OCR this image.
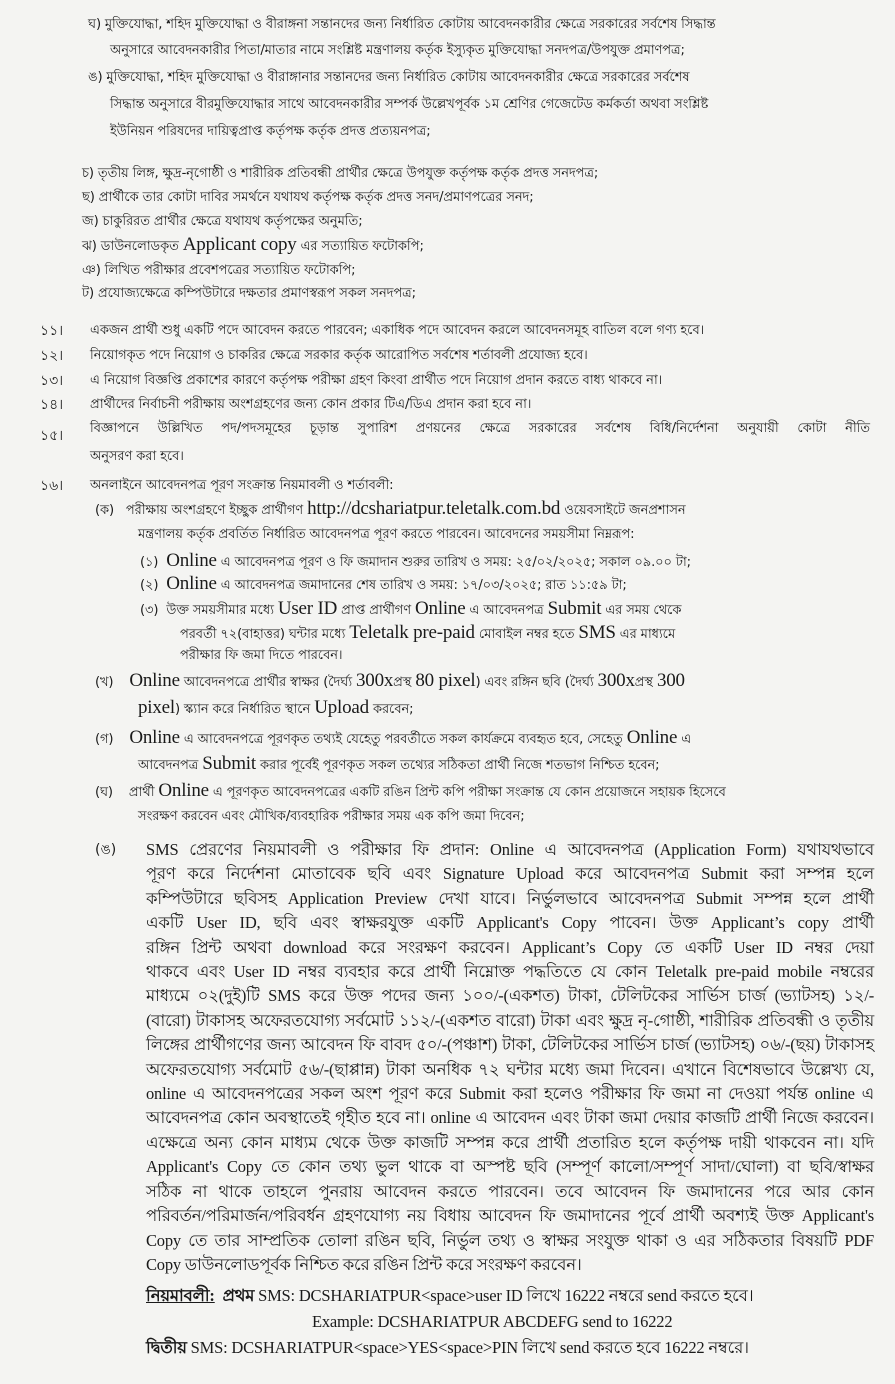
ঘ) মুক্তিযোদ্ধা, শহিদ মুক্তিযোদ্ধা ও বীরাঙ্গনা সন্তানদের জন্য নির্ধারিত কোটায় আবেদনকারীর ক্ষেত্রে সরকারের সর্বশেষ সিদ্ধান্ত
অনুসারে আবেদনকারীর পিতা/মাতার নামে সংশ্লিষ্ট মন্ত্রণালয় কর্তৃক ইস্যুকৃত মুক্তিযোদ্ধা সনদপত্র/উপযুক্ত প্রমাণপত্র;
ঙ) মুক্তিযোদ্ধা, শহিদ মুক্তিযোদ্ধা ও বীরাঙ্গানার সন্তানদের জন্য নির্ধারিত কোটায় আবেদনকারীর ক্ষেত্রে সরকারের সর্বশেষ
সিদ্ধান্ত অনুসারে বীরমুক্তিযোদ্ধার সাথে আবেদনকারীর সম্পর্ক উল্লেখপূর্বক ১ম শ্রেণির গেজেটেড কর্মকর্তা অথবা সংশ্লিষ্ট
ইউনিয়ন পরিষদের দায়িত্বপ্রাপ্ত কর্তৃপক্ষ কর্তৃক প্রদত্ত প্রত্যয়নপত্র;
চ) তৃতীয় লিঙ্গ, ক্ষুদ্র-নৃগোষ্ঠী ও শারীরিক প্রতিবন্ধী প্রার্থীর ক্ষেত্রে উপযুক্ত কর্তৃপক্ষ কর্তৃক প্রদত্ত সনদপত্র;
ছ) প্রার্থীকে তার কোটা দাবির সমর্থনে যথাযথ কর্তৃপক্ষ কর্তৃক প্রদত্ত সনদ/প্রমাণপত্রের সনদ;
জ) চাকুরিরত প্রার্থীর ক্ষেত্রে যথাযথ কর্তৃপক্ষের অনুমতি;
ঝ) ডাউনলোডকৃত Applicant copy এর সত্যায়িত ফটোকপি;
ঞ) লিখিত পরীক্ষার প্রবেশপত্রের সত্যায়িত ফটোকপি;
ট) প্রযোজ্যক্ষেত্রে কম্পিউটারে দক্ষতার প্রমাণস্বরূপ সকল সনদপত্র;
১১। একজন প্রার্থী শুধু একটি পদে আবেদন করতে পারবেন; একাধিক পদে আবেদন করলে আবেদনসমূহ বাতিল বলে গণ্য হবে।
১২। নিয়োগকৃত পদে নিয়োগ ও চাকরির ক্ষেত্রে সরকার কর্তৃক আরোপিত সর্বশেষ শর্তাবলী প্রযোজ্য হবে।
১৩। এ নিয়োগ বিজ্ঞপ্তি প্রকাশের কারণে কর্তৃপক্ষ পরীক্ষা গ্রহণ কিংবা প্রার্থীত পদে নিয়োগ প্রদান করতে বাধ্য থাকবে না।
১৪। প্রার্থীদের নির্বাচনী পরীক্ষায় অংশগ্রহণের জন্য কোন প্রকার টিএ/ডিএ প্রদান করা হবে না।
১৫। বিজ্ঞাপনে উল্লিখিত পদ/পদসমূহের চূড়ান্ত সুপারিশ প্রণয়নের ক্ষেত্রে সরকারের সর্বশেষ বিধি/নির্দেশনা অনুযায়ী কোটা নীতি
অনুসরণ করা হবে।
১৬। অনলাইনে আবেদনপত্র পূরণ সংক্রান্ত নিয়মাবলী ও শর্তাবলী:
(ক) পরীক্ষায় অংশগ্রহণে ইচ্ছুক প্রার্থীগণ http://dcshariatpur.teletalk.com.bd ওয়েবসাইটে জনপ্রশাসন
মন্ত্রণালয় কর্তৃক প্রবর্তিত নির্ধারিত আবেদনপত্র পূরণ করতে পারবেন। আবেদনের সময়সীমা নিম্নরূপ:
(১) Online এ আবেদনপত্র পূরণ ও ফি জমাদান শুরুর তারিখ ও সময়: ২৫/০২/২০২৫; সকাল ০৯.০০ টা;
(২) Online এ আবেদনপত্র জমাদানের শেষ তারিখ ও সময়: ১৭/০৩/২০২৫; রাত ১১:৫৯ টা;
(৩) উক্ত সময়সীমার মধ্যে User ID প্রাপ্ত প্রার্থীগণ Online এ আবেদনপত্র Submit এর সময় থেকে
পরবর্তী ৭২(বাহাত্তর) ঘন্টার মধ্যে Teletalk pre-paid মোবাইল নম্বর হতে SMS এর মাধ্যমে
পরীক্ষার ফি জমা দিতে পারবেন।
(খ) Online আবেদনপত্রে প্রার্থীর স্বাক্ষর (দৈর্ঘ্য 300xপ্রস্থ 80 pixel) এবং রঙ্গিন ছবি (দৈর্ঘ্য 300xপ্রস্থ 300
pixel) স্ক্যান করে নির্ধারিত স্থানে Upload করবেন;
(গ) Online এ আবেদনপত্রে পূরণকৃত তথ্যই যেহেতু পরবর্তীতে সকল কার্যক্রমে ব্যবহৃত হবে, সেহেতু Online এ
আবেদনপত্র Submit করার পূর্বেই পূরণকৃত সকল তথ্যের সঠিকতা প্রার্থী নিজে শতভাগ নিশ্চিত হবেন;
(ঘ) প্রার্থী Online এ পূরণকৃত আবেদনপত্রের একটি রঙিন প্রিন্ট কপি পরীক্ষা সংক্রান্ত যে কোন প্রয়োজনে সহায়ক হিসেবে
সংরক্ষণ করবেন এবং মৌখিক/ব্যবহারিক পরীক্ষার সময় এক কপি জমা দিবেন;
(ঙ) SMS প্রেরণের নিয়মাবলী ও পরীক্ষার ফি প্রদান: Online এ আবেদনপত্র (Application Form) যথাযথভাবে
পূরণ করে নির্দেশনা মোতাবেক ছবি এবং Signature Upload করে আবেদনপত্র Submit করা সম্পন্ন হলে
কম্পিউটারে ছবিসহ Application Preview দেখা যাবে। নির্ভুলভাবে আবেদনপত্র Submit সম্পন্ন হলে প্রার্থী
একটি User ID, ছবি এবং স্বাক্ষরযুক্ত একটি Applicant's Copy পাবেন। উক্ত Applicant’s copy প্রার্থী
রঙ্গিন প্রিন্ট অথবা download করে সংরক্ষণ করবেন। Applicant’s Copy তে একটি User ID নম্বর দেয়া
থাকবে এবং User ID নম্বর ব্যবহার করে প্রার্থী নিম্নোক্ত পদ্ধতিতে যে কোন Teletalk pre-paid mobile নম্বরের
মাধ্যমে ০২(দুই)টি SMS করে উক্ত পদের জন্য ১০০/-(একশত) টাকা, টেলিটকের সার্ভিস চার্জ (ভ্যাটসহ) ১২/-
(বারো) টাকাসহ অফেরতযোগ্য সর্বমোট ১১২/-(একশত বারো) টাকা এবং ক্ষুদ্র নৃ-গোষ্ঠী, শারীরিক প্রতিবন্ধী ও তৃতীয়
লিঙ্গের প্রার্থীগণের জন্য আবেদন ফি বাবদ ৫০/-(পঞ্চাশ) টাকা, টেলিটকের সার্ভিস চার্জ (ভ্যাটসহ) ০৬/-(ছয়) টাকাসহ
অফেরতযোগ্য সর্বমোট ৫৬/-(ছাপ্পান্ন) টাকা অনধিক ৭২ ঘন্টার মধ্যে জমা দিবেন। এখানে বিশেষভাবে উল্লেখ্য যে,
online এ আবেদনপত্রের সকল অংশ পূরণ করে Submit করা হলেও পরীক্ষার ফি জমা না দেওয়া পর্যন্ত online এ
আবেদনপত্র কোন অবস্থাতেই গৃহীত হবে না। online এ আবেদন এবং টাকা জমা দেয়ার কাজটি প্রার্থী নিজে করবেন।
এক্ষেত্রে অন্য কোন মাধ্যম থেকে উক্ত কাজটি সম্পন্ন করে প্রার্থী প্রতারিত হলে কর্তৃপক্ষ দায়ী থাকবেন না। যদি
Applicant's Copy তে কোন তথ্য ভুল থাকে বা অস্পষ্ট ছবি (সম্পূর্ণ কালো/সম্পূর্ণ সাদা/ঘোলা) বা ছবি/স্বাক্ষর
সঠিক না থাকে তাহলে পুনরায় আবেদন করতে পারবেন। তবে আবেদন ফি জমাদানের পরে আর কোন
পরিবর্তন/পরিমার্জন/পরিবর্ধন গ্রহণযোগ্য নয় বিধায় আবেদন ফি জমাদানের পূর্বে প্রার্থী অবশ্যই উক্ত Applicant's
Copy তে তার সাম্প্রতিক তোলা রঙিন ছবি, নির্ভুল তথ্য ও স্বাক্ষর সংযুক্ত থাকা ও এর সঠিকতার বিষয়টি PDF
Copy ডাউনলোডপূর্বক নিশ্চিত করে রঙিন প্রিন্ট করে সংরক্ষণ করবেন।
নিয়মাবলী: প্রথম SMS: DCSHARIATPUR<space>user ID লিখে 16222 নম্বরে send করতে হবে।
Example: DCSHARIATPUR ABCDEFG send to 16222
দ্বিতীয় SMS: DCSHARIATPUR<space>YES<space>PIN লিখে send করতে হবে 16222 নম্বরে।
